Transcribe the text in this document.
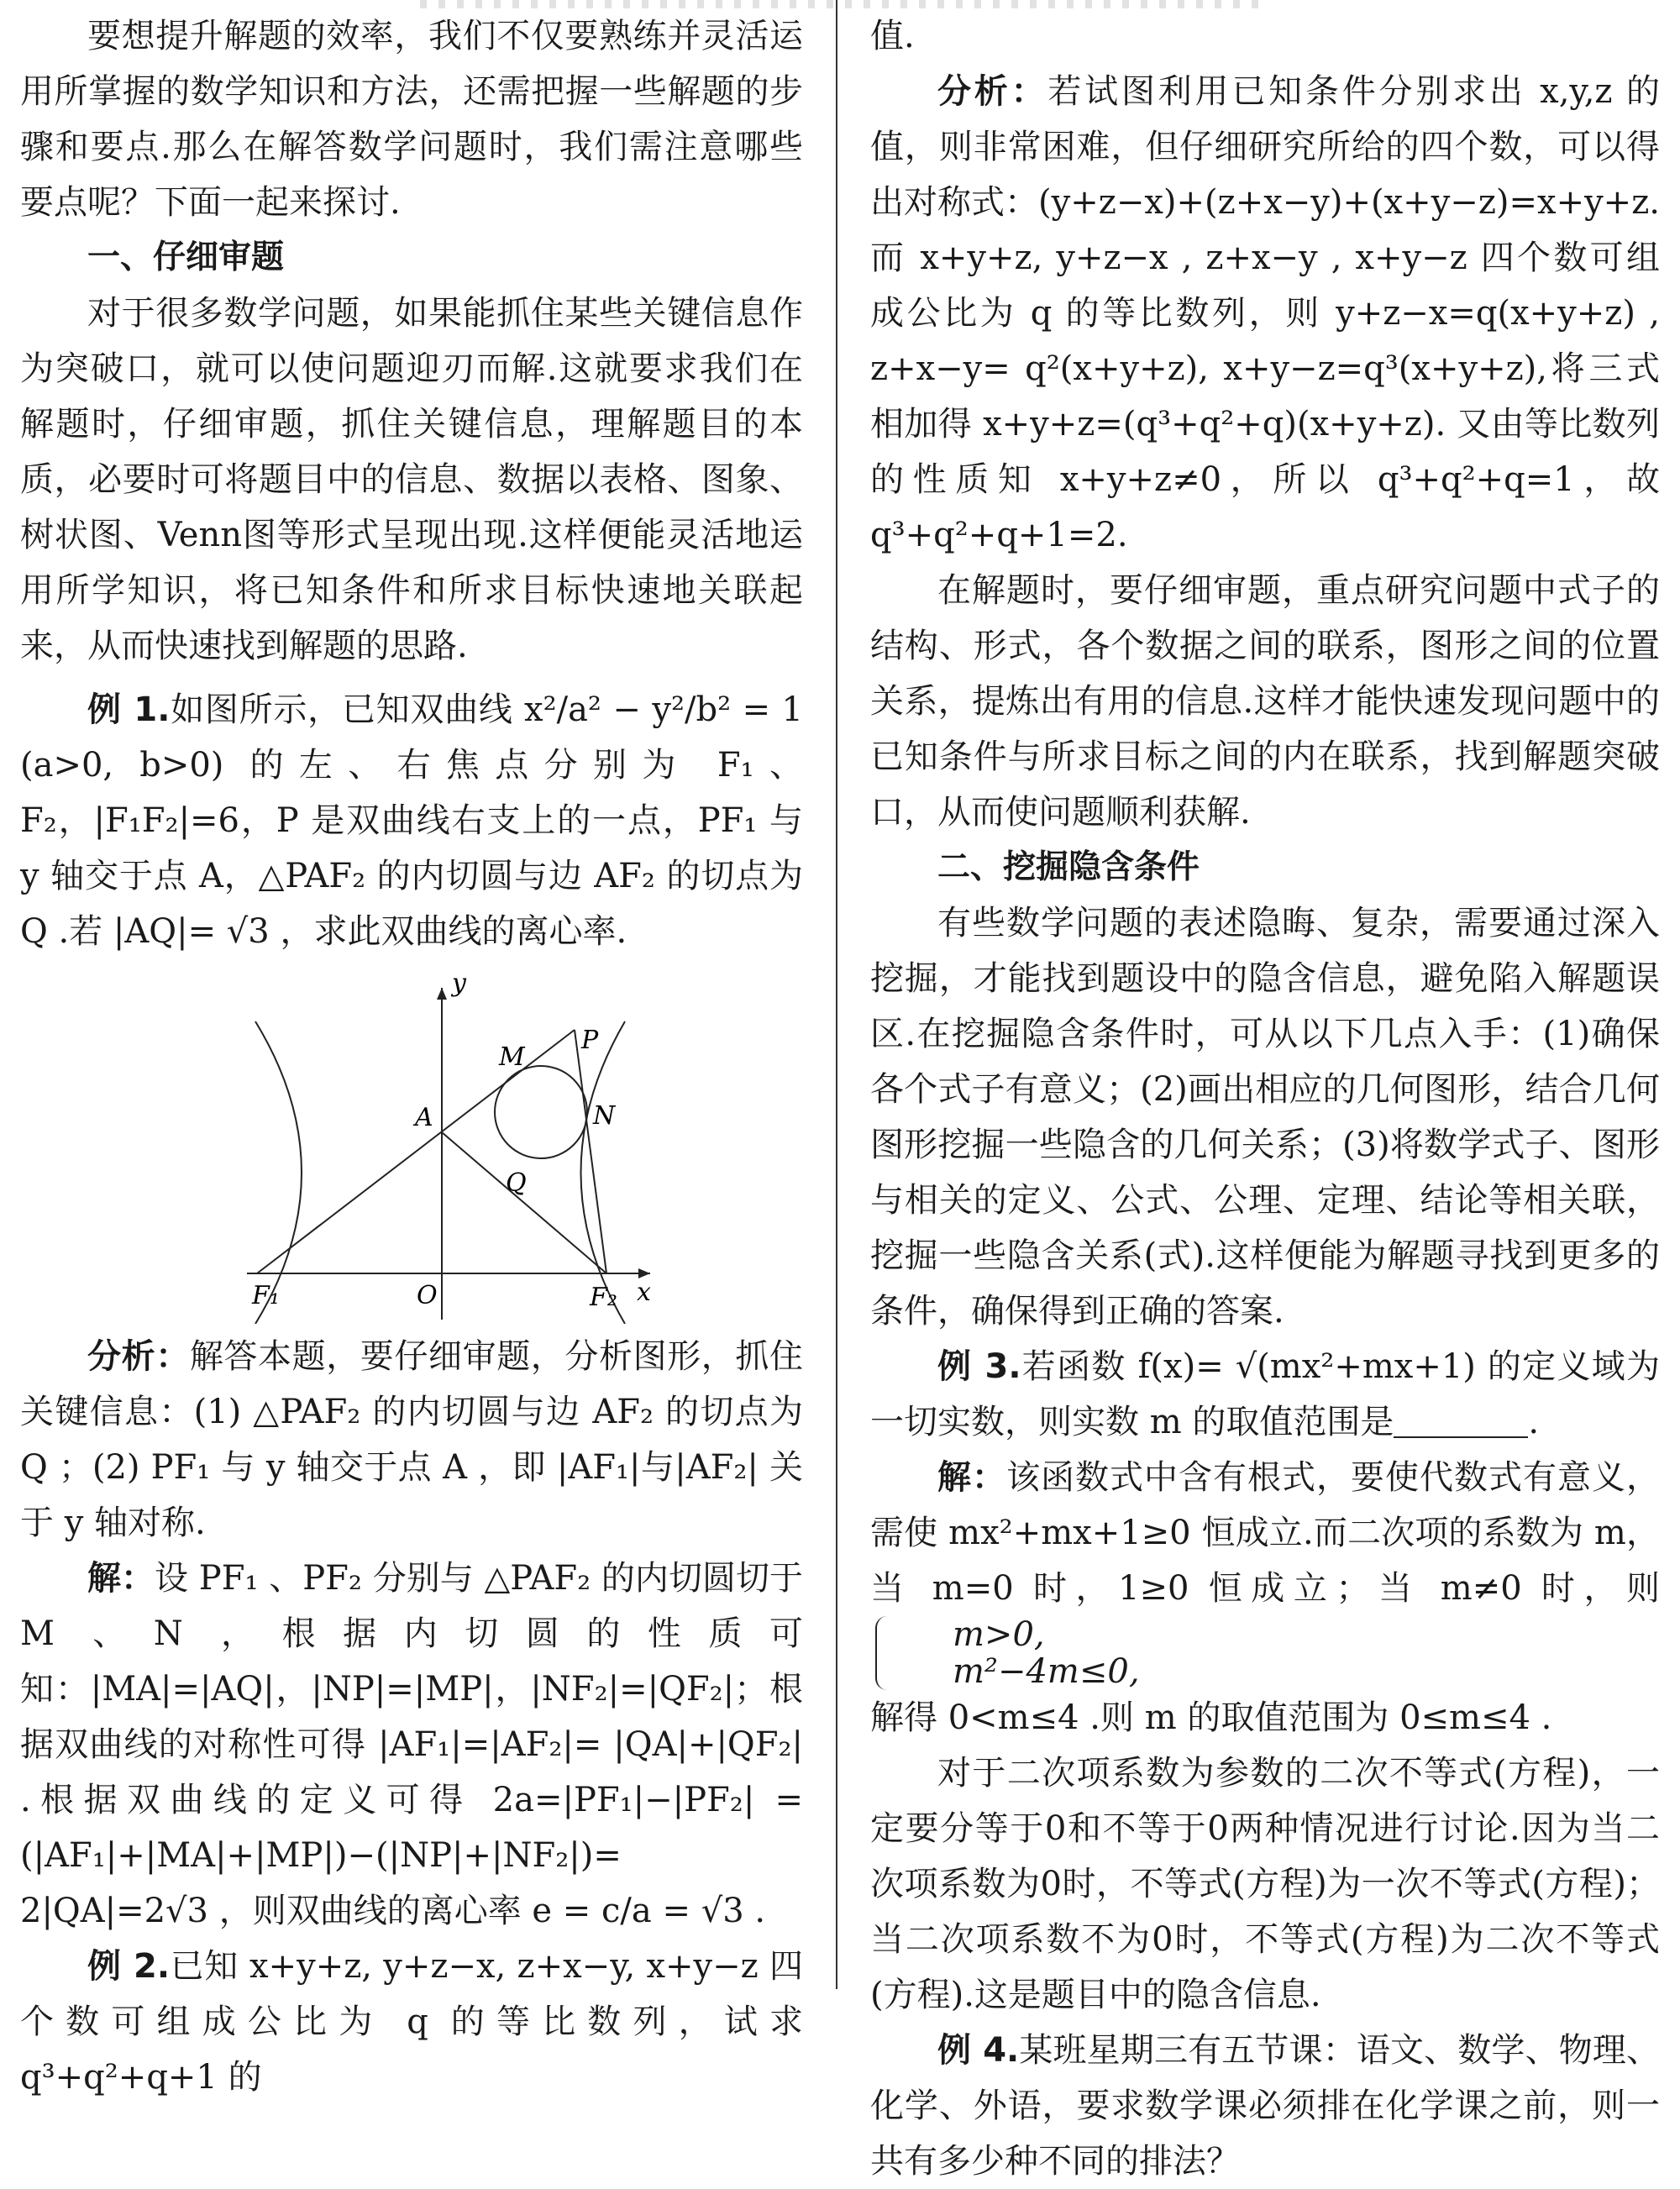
要想提升解题的效率，我们不仅要熟练并灵活运用所掌握的数学知识和方法，还需把握一些解题的步骤和要点.那么在解答数学问题时，我们需注意哪些要点呢？下面一起来探讨.

一、仔细审题

对于很多数学问题，如果能抓住某些关键信息作为突破口，就可以使问题迎刃而解.这就要求我们在解题时，仔细审题，抓住关键信息，理解题目的本质，必要时可将题目中的信息、数据以表格、图象、树状图、Venn图等形式呈现出现.这样便能灵活地运用所学知识，将已知条件和所求目标快速地关联起来，从而快速找到解题的思路.

例 1.如图所示，已知双曲线 x²/a² − y²/b² = 1 (a>0, b>0) 的左、右焦点分别为 F₁、F₂，|F₁F₂|=6，P 是双曲线右支上的一点，PF₁ 与 y 轴交于点 A，△PAF₂ 的内切圆与边 AF₂ 的切点为 Q .若 |AQ|= √3 ，求此双曲线的离心率.

y
x
O
A
M
P
N
Q
F₁	F₂

分析：解答本题，要仔细审题，分析图形，抓住关键信息：(1) △PAF₂ 的内切圆与边 AF₂ 的切点为 Q ；(2) PF₁ 与 y 轴交于点 A ，即 |AF₁|与|AF₂| 关于 y 轴对称.

解：设 PF₁ 、PF₂ 分别与 △PAF₂ 的内切圆切于 M 、N ，根据内切圆的性质可知：|MA|=|AQ|，|NP|=|MP|，|NF₂|=|QF₂|；根据双曲线的对称性可得 |AF₁|=|AF₂|= |QA|+|QF₂| .根据双曲线的定义可得 2a=|PF₁|−|PF₂| =(|AF₁|+|MA|+|MP|)−(|NP|+|NF₂|)= 2|QA|=2√3 ，则双曲线的离心率 e = c/a = √3 .

例 2.已知 x+y+z, y+z−x, z+x−y, x+y−z 四个数可组成公比为 q 的等比数列，试求 q³+q²+q+1 的

值.

分析：若试图利用已知条件分别求出 x,y,z 的值，则非常困难，但仔细研究所给的四个数，可以得出对称式：(y+z−x)+(z+x−y)+(x+y−z)=x+y+z. 而 x+y+z, y+z−x , z+x−y , x+y−z 四个数可组成公比为 q 的等比数列，则 y+z−x=q(x+y+z) , z+x−y= q²(x+y+z), x+y−z=q³(x+y+z),将三式相加得 x+y+z=(q³+q²+q)(x+y+z). 又由等比数列的性质知 x+y+z≠0，所以 q³+q²+q=1，故 q³+q²+q+1=2.

在解题时，要仔细审题，重点研究问题中式子的结构、形式，各个数据之间的联系，图形之间的位置关系，提炼出有用的信息.这样才能快速发现问题中的已知条件与所求目标之间的内在联系，找到解题突破口，从而使问题顺利获解.

二、挖掘隐含条件

有些数学问题的表述隐晦、复杂，需要通过深入挖掘，才能找到题设中的隐含信息，避免陷入解题误区.在挖掘隐含条件时，可从以下几点入手：(1)确保各个式子有意义；(2)画出相应的几何图形，结合几何图形挖掘一些隐含的几何关系；(3)将数学式子、图形与相关的定义、公式、公理、定理、结论等相关联，挖掘一些隐含关系(式).这样便能为解题寻找到更多的条件，确保得到正确的答案.

例 3.若函数 f(x)= √(mx²+mx+1) 的定义域为一切实数，则实数 m 的取值范围是	.

解：该函数式中含有根式，要使代数式有意义，需使 mx²+mx+1≥0 恒成立.而二次项的系数为 m，当 m=0 时，1≥0 恒成立；当 m≠0 时，则
m>0,
m²−4m≤0,

解得 0<m≤4 .则 m 的取值范围为 0≤m≤4 .

对于二次项系数为参数的二次不等式(方程)，一定要分等于0和不等于0两种情况进行讨论.因为当二次项系数为0时，不等式(方程)为一次不等式(方程)；当二次项系数不为0时，不等式(方程)为二次不等式(方程).这是题目中的隐含信息.

例 4.某班星期三有五节课：语文、数学、物理、化学、外语，要求数学课必须排在化学课之前，则一共有多少种不同的排法？
